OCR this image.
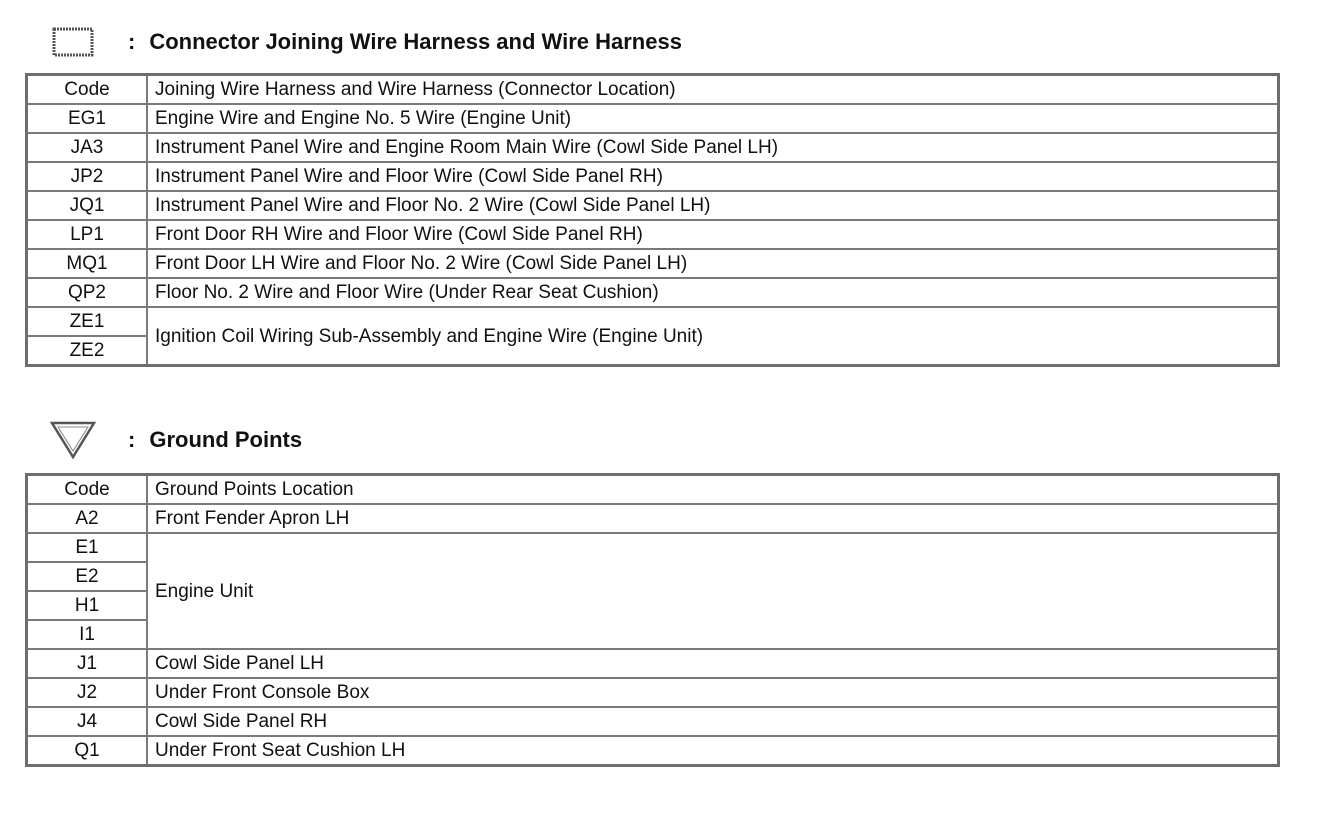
: Connector Joining Wire Harness and Wire Harness
Code	Joining Wire Harness and Wire Harness (Connector Location)
EG1	Engine Wire and Engine No. 5 Wire (Engine Unit)
JA3	Instrument Panel Wire and Engine Room Main Wire (Cowl Side Panel LH)
JP2	Instrument Panel Wire and Floor Wire (Cowl Side Panel RH)
JQ1	Instrument Panel Wire and Floor No. 2 Wire (Cowl Side Panel LH)
LP1	Front Door RH Wire and Floor Wire (Cowl Side Panel RH)
MQ1	Front Door LH Wire and Floor No. 2 Wire (Cowl Side Panel LH)
QP2	Floor No. 2 Wire and Floor Wire (Under Rear Seat Cushion)
ZE1	Ignition Coil Wiring Sub-Assembly and Engine Wire (Engine Unit)
ZE2	
: Ground Points
Code	Ground Points Location
A2	Front Fender Apron LH
E1	Engine Unit
E2	
H1	
I1	
J1	Cowl Side Panel LH
J2	Under Front Console Box
J4	Cowl Side Panel RH
Q1	Under Front Seat Cushion LH
